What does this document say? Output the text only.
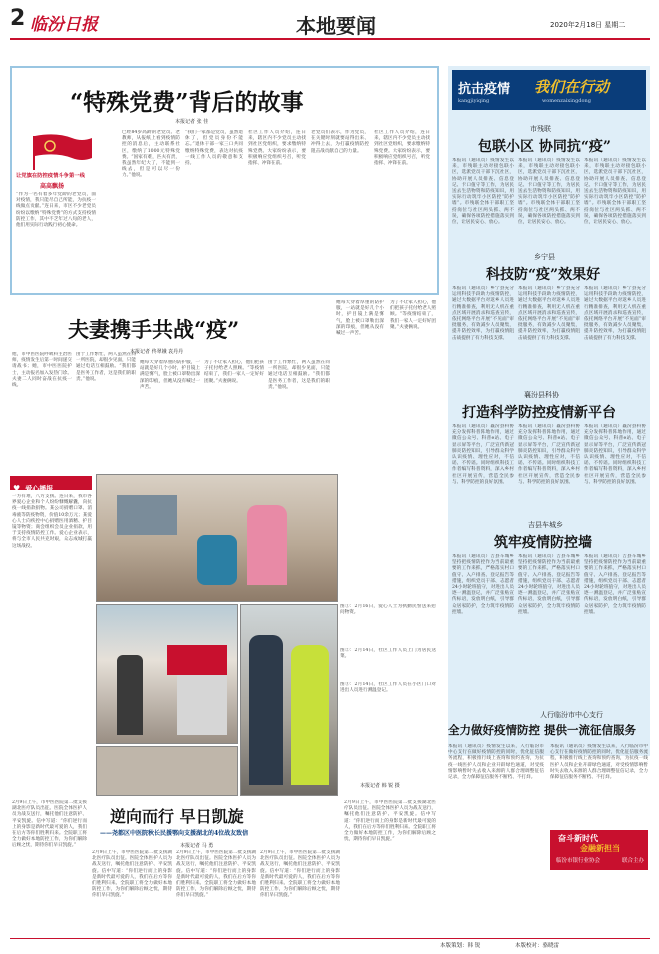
2 临汾日报	本地要闻	2020年2月18日 星期二
“特殊党费”背后的故事
本报记者 张 佳
让党旗在防控疫情斗争第一线
高高飘扬
“作为一名有着多年党龄的老党员，面对疫情，我只能尽自己所能，为抗疫一线做点贡献。”连日来，市区不少老党员纷纷以缴纳“特殊党费”的方式支持疫情防控工作，其中不乏年过八旬的老人，他们用实际行动践行初心使命。
已经84岁高龄的老党员、老教师，从报纸上看到疫情防控的消息后，主动联系社区，缴纳了1000元特殊党费。“国家有难，匹夫有责，我虽然年纪大了，不能到一线去，但是可以尽一份力。”他说。
“我们一家都是党员，虽然退休了，但党员身份不能忘。”退休干部一家三口共同缴纳特殊党费，表达对抗疫一线工作人员的敬意和支持。
社区工作人员介绍，连日来，辖区内不少党员主动找到社区党组织，要求缴纳特殊党费。大家纷纷表示，要积极响应党组织号召，听党指挥、冲锋在前。
老党员们表示，作为党员，在关键时刻就要站得出来、冲得上去，为打赢疫情防控阻击战贡献自己的力量。
社区工作人员介绍，连日来，辖区内不少党员主动找到社区党组织，要求缴纳特殊党费。大家纷纷表示，要积极响应党组织号召，听党指挥、冲锋在前。
夫妻携手共战“疫”
本报记者 佟翠娥 袁丹丹
他，市中医医院呼吸科主治医师，疫情发生后第一时间递交请战书；她，市中医医院护士，主动报名加入发热门诊。夫妻二人同时奋战在抗疫一线。
由于工作繁忙，两人虽然在同一所医院，却很少见面，只能通过电话互相鼓励。“我们都是医务工作者，这是我们的职责。”他说。
她每天穿着厚重的防护服，一站就是好几个小时，护目镜上满是雾气，脸上被口罩勒出深深的印痕，但她从没有喊过一声苦。
为了不让家人担心，他们把孩子托付给老人照顾。“等疫情结束了，我们一家人一定好好团聚。”夫妻俩说。
由于工作繁忙，两人虽然在同一所医院，却很少见面，只能通过电话互相鼓励。“我们都是医务工作者，这是我们的职责。”他说。
她每天穿着厚重的防护服，一站就是好几个小时，护目镜上满是雾气，脸上被口罩勒出深深的印痕，但她从没有喊过一声苦。
为了不让家人担心，他们把孩子托付给老人照顾。“等疫情结束了，我们一家人一定好好团聚。”夫妻俩说。
图①：2月16日，爱心人士为执勤民警送来慰问物资。
图②：2月14日，社区工作人员上门为居民送菜。
图③：2月14日，社区工作人员在小区门口对进出人员进行测温登记。
本报记者 韩 锐 摄
♥ 爱心播报
一方有难，八方支援。连日来，我市各界爱心企业和个人纷纷慷慨解囊，向抗疫一线捐款捐物。某公司捐赠口罩、消毒液等防疫物资，价值10余万元；某爱心人士向疾控中心捐赠医用酒精、护目镜等物资；商会组织会员企业捐款，用于支持疫情防控工作。爱心企业表示，将与全市人民共克时艰，众志成城打赢这场战役。
2月9日上午，市中医医院第二批支援湖北医疗队员出征。医院全体医护人员为战友送行，嘱托他们注意防护、平安凯旋。信中写道：“你们逆行而上的身影是新时代最可爱的人，我们在后方等你们胜利归来。全院职工将全力做好本地防控工作，为你们解除后顾之忧，期待你们早日凯旋。”
逆向而行 早日凯旋
——尧都区中医院秋长民援鄂向支援湖北的4位战友致信
本报记者 马 勇
2月9日上午，市中医医院第二批支援湖北医疗队员出征。医院全体医护人员为战友送行，嘱托他们注意防护、平安凯旋。信中写道：“你们逆行而上的身影是新时代最可爱的人，我们在后方等你们胜利归来。全院职工将全力做好本地防控工作，为你们解除后顾之忧，期待你们早日凯旋。”
2月9日上午，市中医医院第二批支援湖北医疗队员出征。医院全体医护人员为战友送行，嘱托他们注意防护、平安凯旋。信中写道：“你们逆行而上的身影是新时代最可爱的人，我们在后方等你们胜利归来。全院职工将全力做好本地防控工作，为你们解除后顾之忧，期待你们早日凯旋。”
2月9日上午，市中医医院第二批支援湖北医疗队员出征。医院全体医护人员为战友送行，嘱托他们注意防护、平安凯旋。信中写道：“你们逆行而上的身影是新时代最可爱的人，我们在后方等你们胜利归来。全院职工将全力做好本地防控工作，为你们解除后顾之忧，期待你们早日凯旋。”
2月9日上午，市中医医院第二批支援湖北医疗队员出征。医院全体医护人员为战友送行，嘱托他们注意防护、平安凯旋。信中写道：“你们逆行而上的身影是新时代最可爱的人，我们在后方等你们胜利归来。全院职工将全力做好本地防控工作，为你们解除后顾之忧，期待你们早日凯旋。”
抗击疫情 我们在行动
kangjiyiqing	womenzaixingdong
市残联
包联小区 协同抗“疫”
本报讯（通讯员）疫情发生以来，市残联主动对接包联小区，选派党员干部下沉社区，协助开展人员排查、信息登记、卡口值守等工作，为居民送去生活物资和防疫知识，用实际行动筑牢小区防控“防护墙”。市残联全体干部职工坚持岗位与社区两头抓、两不误，确保各项防控措施落实到位，让居民安心、放心。
本报讯（通讯员）疫情发生以来，市残联主动对接包联小区，选派党员干部下沉社区，协助开展人员排查、信息登记、卡口值守等工作，为居民送去生活物资和防疫知识，用实际行动筑牢小区防控“防护墙”。市残联全体干部职工坚持岗位与社区两头抓、两不误，确保各项防控措施落实到位，让居民安心、放心。
本报讯（通讯员）疫情发生以来，市残联主动对接包联小区，选派党员干部下沉社区，协助开展人员排查、信息登记、卡口值守等工作，为居民送去生活物资和防疫知识，用实际行动筑牢小区防控“防护墙”。市残联全体干部职工坚持岗位与社区两头抓、两不误，确保各项防控措施落实到位，让居民安心、放心。
乡宁县
科技防“疫”效果好
本报讯（通讯员）乡宁县充分运用科技手段助力疫情防控，通过大数据平台对返乡人员进行精准排查，利用无人机在重点区域开展消杀和巡查宣传，依托网络平台开展“不见面”审批服务，有效减少人员聚集，提升防控效率，为打赢疫情阻击战提供了有力科技支撑。
本报讯（通讯员）乡宁县充分运用科技手段助力疫情防控，通过大数据平台对返乡人员进行精准排查，利用无人机在重点区域开展消杀和巡查宣传，依托网络平台开展“不见面”审批服务，有效减少人员聚集，提升防控效率，为打赢疫情阻击战提供了有力科技支撑。
本报讯（通讯员）乡宁县充分运用科技手段助力疫情防控，通过大数据平台对返乡人员进行精准排查，利用无人机在重点区域开展消杀和巡查宣传，依托网络平台开展“不见面”审批服务，有效减少人员聚集，提升防控效率，为打赢疫情阻击战提供了有力科技支撑。
襄汾县科协
打造科学防控疫情新平台
本报讯（通讯员）襄汾县科协充分发挥科普阵地作用，通过微信公众号、科普e站、电子显示屏等平台，广泛宣传新冠肺炎防控知识，引导群众科学认识疫情、理性应对，不信谣、不传谣。同时组织科技工作者编写科普资料，深入乡村社区开展宣传，营造全民参与、科学防控的良好氛围。
本报讯（通讯员）襄汾县科协充分发挥科普阵地作用，通过微信公众号、科普e站、电子显示屏等平台，广泛宣传新冠肺炎防控知识，引导群众科学认识疫情、理性应对，不信谣、不传谣。同时组织科技工作者编写科普资料，深入乡村社区开展宣传，营造全民参与、科学防控的良好氛围。
本报讯（通讯员）襄汾县科协充分发挥科普阵地作用，通过微信公众号、科普e站、电子显示屏等平台，广泛宣传新冠肺炎防控知识，引导群众科学认识疫情、理性应对，不信谣、不传谣。同时组织科技工作者编写科普资料，深入乡村社区开展宣传，营造全民参与、科学防控的良好氛围。
吉县车城乡
筑牢疫情防控墙
本报讯（通讯员）吉县车城乡坚持把疫情防控作为当前最重要的工作来抓，严格落实村口值守、入户排查、登记报告等措施，组织党员干部、志愿者24小时轮班值守，对进出人员逐一测温登记，并广泛张贴宣传标语，发放明白纸，引导群众居家防护，全力筑牢疫情防控墙。
本报讯（通讯员）吉县车城乡坚持把疫情防控作为当前最重要的工作来抓，严格落实村口值守、入户排查、登记报告等措施，组织党员干部、志愿者24小时轮班值守，对进出人员逐一测温登记，并广泛张贴宣传标语，发放明白纸，引导群众居家防护，全力筑牢疫情防控墙。
本报讯（通讯员）吉县车城乡坚持把疫情防控作为当前最重要的工作来抓，严格落实村口值守、入户排查、登记报告等措施，组织党员干部、志愿者24小时轮班值守，对进出人员逐一测温登记，并广泛张贴宣传标语，发放明白纸，引导群众居家防护，全力筑牢疫情防控墙。
人行临汾市中心支行
全力做好疫情防控 提供一流征信服务
本报讯（通讯员）疫情发生以来，人行临汾市中心支行在做好疫情防控的同时，优化征信服务流程，积极推行线上查询和预约查询，为抗疫一线医护人员和企业开辟绿色通道，对受疫情影响暂时失去收入来源的人群合理调整征信记录，全力保障征信服务不断档、不打烊。
本报讯（通讯员）疫情发生以来，人行临汾市中心支行在做好疫情防控的同时，优化征信服务流程，积极推行线上查询和预约查询，为抗疫一线医护人员和企业开辟绿色通道，对受疫情影响暂时失去收入来源的人群合理调整征信记录，全力保障征信服务不断档、不打烊。
奋斗新时代
金融新担当
临汾市银行业协会	联合主办
本版策划：韩 锐	本版校对：骆晓雷
